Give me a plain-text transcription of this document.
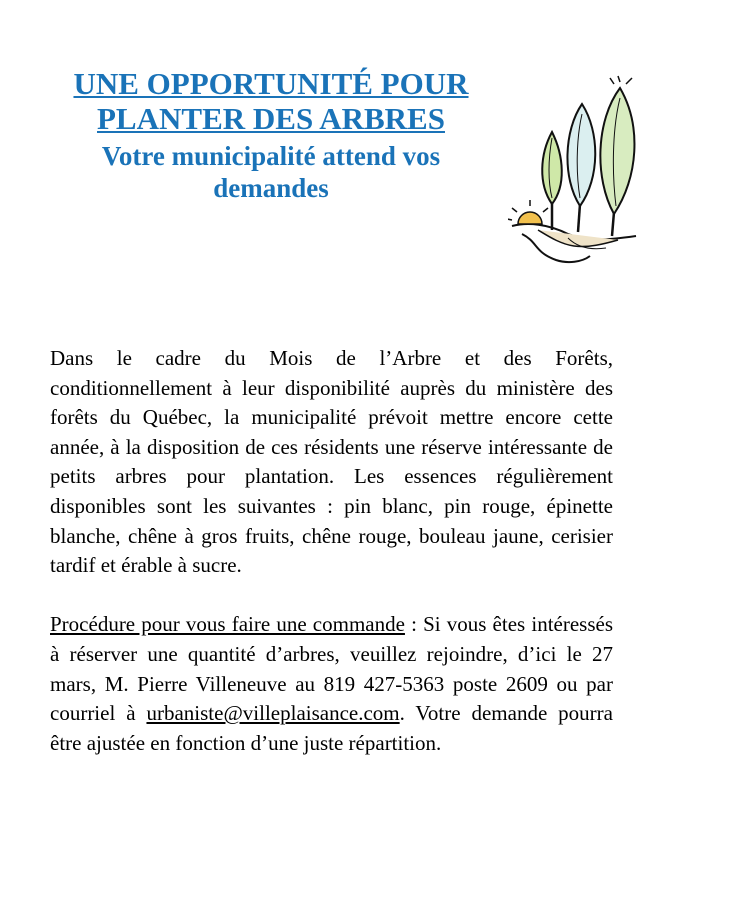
UNE OPPORTUNITÉ POUR
PLANTER DES ARBRES
Votre municipalité attend vos
demandes

Dans le cadre du Mois de l’Arbre et des Forêts, conditionnellement à leur disponibilité auprès du ministère des forêts du Québec, la municipalité prévoit mettre encore cette année, à la disposition de ces résidents une réserve intéressante de petits arbres pour plantation. Les essences régulièrement disponibles sont les suivantes : pin blanc, pin rouge, épinette blanche, chêne à gros fruits, chêne rouge, bouleau jaune, cerisier tardif et érable à sucre.

Procédure pour vous faire une commande : Si vous êtes intéressés à réserver une quantité d’arbres, veuillez rejoindre, d’ici le 27 mars, M. Pierre Villeneuve au 819 427-5363 poste 2609 ou par courriel à urbaniste@villeplaisance.com. Votre demande pourra être ajustée en fonction d’une juste répartition.
